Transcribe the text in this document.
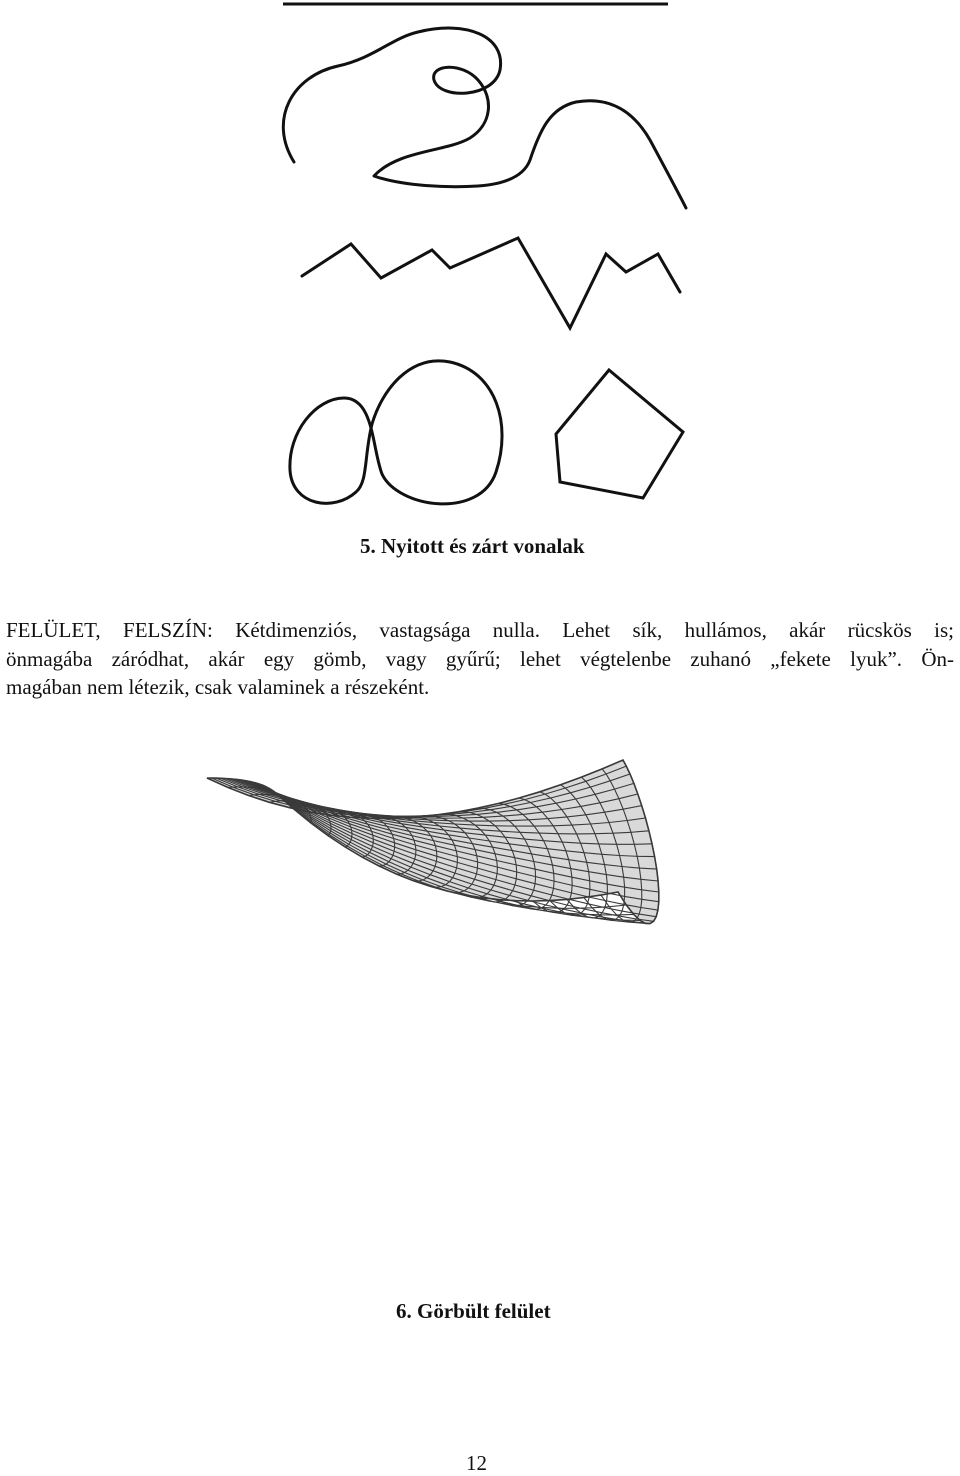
5. Nyitott és zárt vonalak

FELÜLET, FELSZÍN: Kétdimenziós, vastagsága nulla. Lehet sík, hullámos, akár rücskös is;
önmagába záródhat, akár egy gömb, vagy gyűrű; lehet végtelenbe zuhanó „fekete lyuk”. Ön-
magában nem létezik, csak valaminek a részeként.

6. Görbült felület
12
